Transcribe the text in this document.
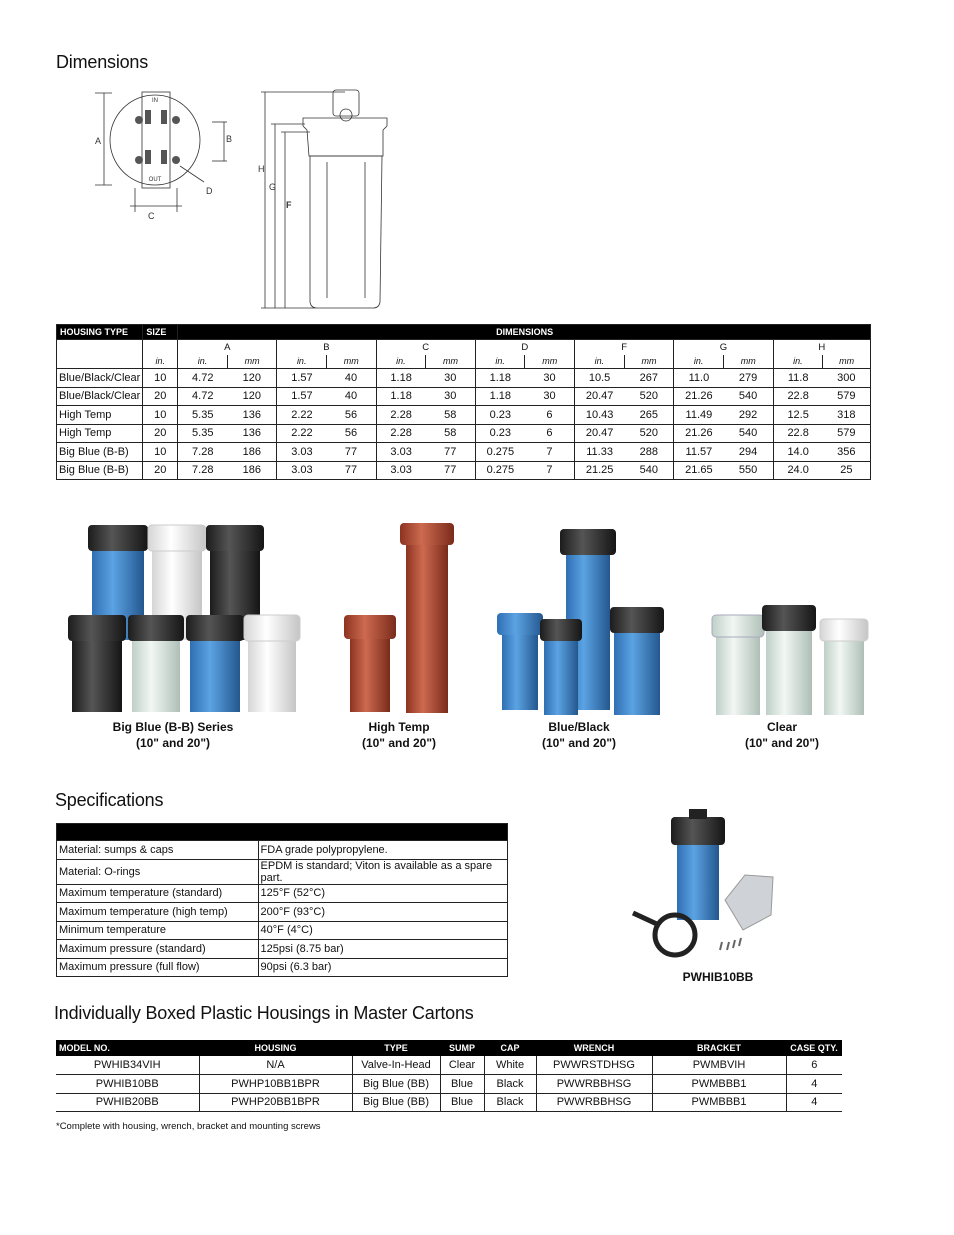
Dimensions
IN
OUT
A	B
C
D
H
G
F
HOUSING TYPE	SIZE	DIMENSIONS													
		A		B		C		D		F		G		H	
	in.	in.	mm	in.	mm	in.	mm	in.	mm	in.	mm	in.	mm	in.	mm
Blue/Black/Clear	10	4.72	120	1.57	40	1.18	30	1.18	30	10.5	267	11.0	279	11.8	300
Blue/Black/Clear	20	4.72	120	1.57	40	1.18	30	1.18	30	20.47	520	21.26	540	22.8	579
High Temp	10	5.35	136	2.22	56	2.28	58	0.23	6	10.43	265	11.49	292	12.5	318
High Temp	20	5.35	136	2.22	56	2.28	58	0.23	6	20.47	520	21.26	540	22.8	579
Big Blue (B-B)	10	7.28	186	3.03	77	3.03	77	0.275	7	11.33	288	11.57	294	14.0	356
Big Blue (B-B)	20	7.28	186	3.03	77	3.03	77	0.275	7	21.25	540	21.65	550	24.0	25
Big Blue (B-B) Series
(10" and 20")
High Temp
(10" and 20")
Blue/Black
(10" and 20")
Clear
(10" and 20")
Specifications

Material: sumps & caps	FDA grade polypropylene.
Material: O-rings	EPDM is standard; Viton is available as a spare part.
Maximum temperature (standard)	125°F (52°C)
Maximum temperature (high temp)	200°F (93°C)
Minimum temperature	40°F (4°C)
Maximum pressure (standard)	125psi (8.75 bar)
Maximum pressure (full flow)	90psi (6.3 bar)
PWHIB10BB
Individually Boxed Plastic Housings in Master Cartons
MODEL NO.	HOUSING	TYPE	SUMP	CAP	WRENCH	BRACKET	CASE QTY.
PWHIB34VIH	N/A	Valve-In-Head	Clear	White	PWWRSTDHSG	PWMBVIH	6
PWHIB10BB	PWHP10BB1BPR	Big Blue (BB)	Blue	Black	PWWRBBHSG	PWMBBB1	4
PWHIB20BB	PWHP20BB1BPR	Big Blue (BB)	Blue	Black	PWWRBBHSG	PWMBBB1	4
*Complete with housing, wrench, bracket and mounting screws
